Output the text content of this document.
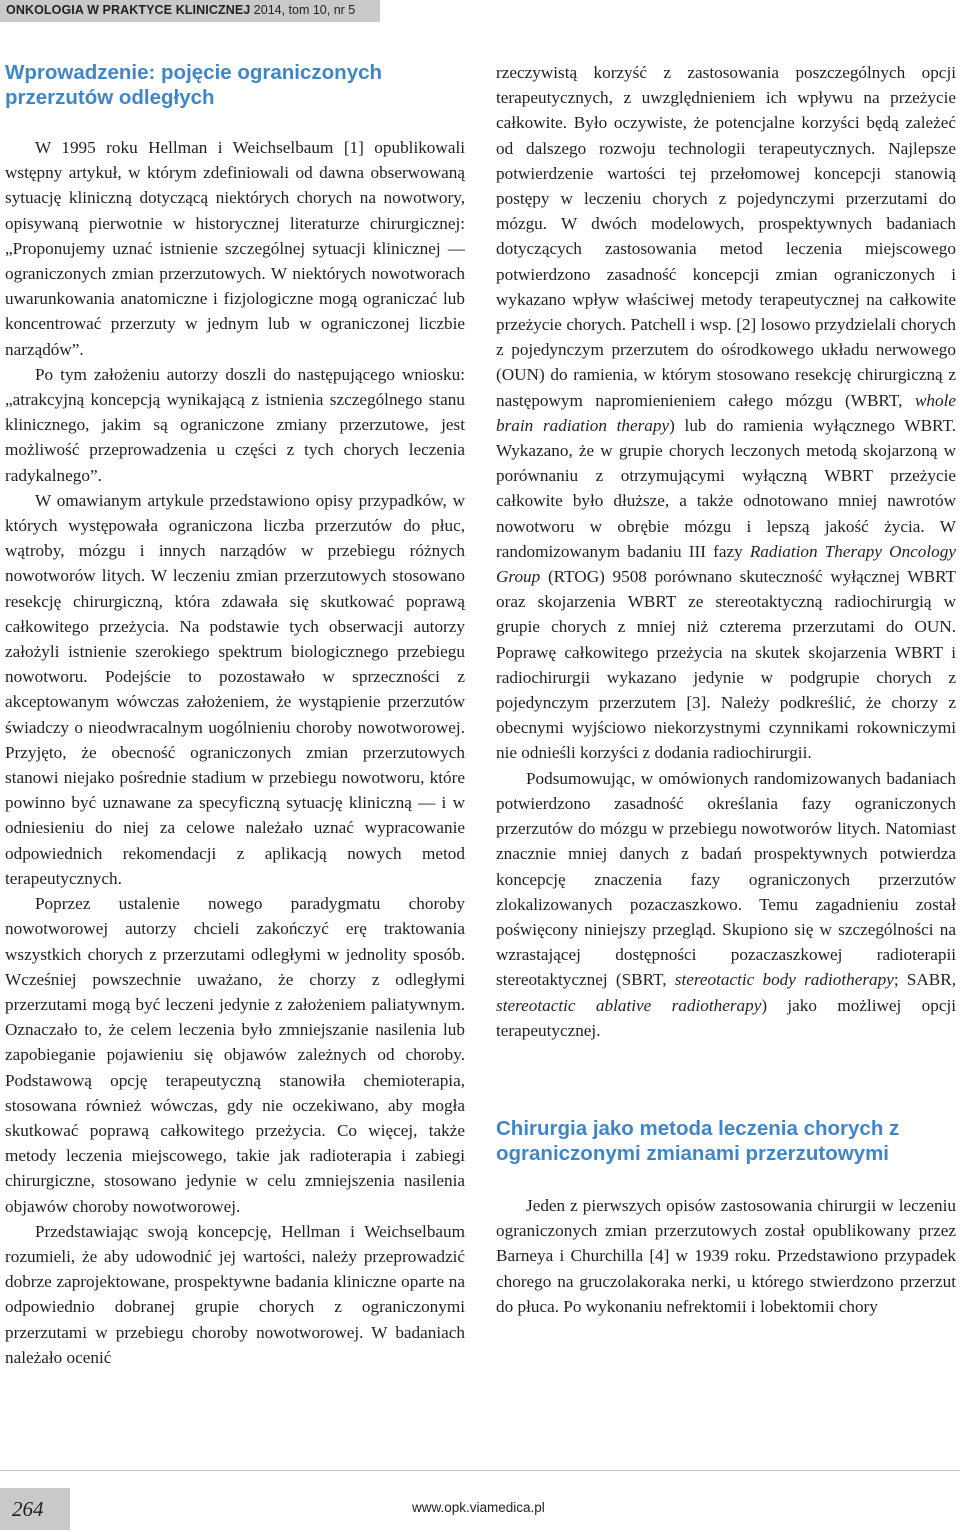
ONKOLOGIA W PRAKTYCE KLINICZNEJ 2014, tom 10, nr 5
Wprowadzenie: pojęcie ograniczonych przerzutów odległych

W 1995 roku Hellman i Weichselbaum [1] opublikowali wstępny artykuł, w którym zdefiniowali od dawna obserwowaną sytuację kliniczną dotyczącą niektórych chorych na nowotwory, opisywaną pierwotnie w historycznej literaturze chirurgicznej: „Proponujemy uznać istnienie szczególnej sytuacji klinicznej — ograniczonych zmian przerzutowych. W niektórych nowotworach uwarunkowania anatomiczne i fizjologiczne mogą ograniczać lub koncentrować przerzuty w jednym lub w ograniczonej liczbie narządów”.

Po tym założeniu autorzy doszli do następującego wniosku: „atrakcyjną koncepcją wynikającą z istnienia szczególnego stanu klinicznego, jakim są ograniczone zmiany przerzutowe, jest możliwość przeprowadzenia u części z tych chorych leczenia radykalnego”.

W omawianym artykule przedstawiono opisy przypadków, w których występowała ograniczona liczba przerzutów do płuc, wątroby, mózgu i innych narządów w przebiegu różnych nowotworów litych. W leczeniu zmian przerzutowych stosowano resekcję chirurgiczną, która zdawała się skutkować poprawą całkowitego przeżycia. Na podstawie tych obserwacji autorzy założyli istnienie szerokiego spektrum biologicznego przebiegu nowotworu. Podejście to pozostawało w sprzeczności z akceptowanym wówczas założeniem, że wystąpienie przerzutów świadczy o nieodwracalnym uogólnieniu choroby nowotworowej. Przyjęto, że obecność ograniczonych zmian przerzutowych stanowi niejako pośrednie stadium w przebiegu nowotworu, które powinno być uznawane za specyficzną sytuację kliniczną — i w odniesieniu do niej za celowe należało uznać wypracowanie odpowiednich rekomendacji z aplikacją nowych metod terapeutycznych.

Poprzez ustalenie nowego paradygmatu choroby nowotworowej autorzy chcieli zakończyć erę traktowania wszystkich chorych z przerzutami odległymi w jednolity sposób. Wcześniej powszechnie uważano, że chorzy z odległymi przerzutami mogą być leczeni jedynie z założeniem paliatywnym. Oznaczało to, że celem leczenia było zmniejszanie nasilenia lub zapobieganie pojawieniu się objawów zależnych od choroby. Podstawową opcję terapeutyczną stanowiła chemioterapia, stosowana również wówczas, gdy nie oczekiwano, aby mogła skutkować poprawą całkowitego przeżycia. Co więcej, także metody leczenia miejscowego, takie jak radioterapia i zabiegi chirurgiczne, stosowano jedynie w celu zmniejszenia nasilenia objawów choroby nowotworowej.

Przedstawiając swoją koncepcję, Hellman i Weichselbaum rozumieli, że aby udowodnić jej wartości, należy przeprowadzić dobrze zaprojektowane, prospektywne badania kliniczne oparte na odpowiednio dobranej grupie chorych z ograniczonymi przerzutami w przebiegu choroby nowotworowej. W badaniach należało ocenić

rzeczywistą korzyść z zastosowania poszczególnych opcji terapeutycznych, z uwzględnieniem ich wpływu na przeżycie całkowite. Było oczywiste, że potencjalne korzyści będą zależeć od dalszego rozwoju technologii terapeutycznych. Najlepsze potwierdzenie wartości tej przełomowej koncepcji stanowią postępy w leczeniu chorych z pojedynczymi przerzutami do mózgu. W dwóch modelowych, prospektywnych badaniach dotyczących zastosowania metod leczenia miejscowego potwierdzono zasadność koncepcji zmian ograniczonych i wykazano wpływ właściwej metody terapeutycznej na całkowite przeżycie chorych. Patchell i wsp. [2] losowo przydzielali chorych z pojedynczym przerzutem do ośrodkowego układu nerwowego (OUN) do ramienia, w którym stosowano resekcję chirurgiczną z następowym napromienieniem całego mózgu (WBRT, whole brain radiation therapy) lub do ramienia wyłącznego WBRT. Wykazano, że w grupie chorych leczonych metodą skojarzoną w porównaniu z otrzymującymi wyłączną WBRT przeżycie całkowite było dłuższe, a także odnotowano mniej nawrotów nowotworu w obrębie mózgu i lepszą jakość życia. W randomizowanym badaniu III fazy Radiation Therapy Oncology Group (RTOG) 9508 porównano skuteczność wyłącznej WBRT oraz skojarzenia WBRT ze stereotaktyczną radiochirurgią w grupie chorych z mniej niż czterema przerzutami do OUN. Poprawę całkowitego przeżycia na skutek skojarzenia WBRT i radiochirurgii wykazano jedynie w podgrupie chorych z pojedynczym przerzutem [3]. Należy podkreślić, że chorzy z obecnymi wyjściowo niekorzystnymi czynnikami rokowniczymi nie odnieśli korzyści z dodania radiochirurgii.

Podsumowując, w omówionych randomizowanych badaniach potwierdzono zasadność określania fazy ograniczonych przerzutów do mózgu w przebiegu nowotworów litych. Natomiast znacznie mniej danych z badań prospektywnych potwierdza koncepcję znaczenia fazy ograniczonych przerzutów zlokalizowanych pozaczaszkowo. Temu zagadnieniu został poświęcony niniejszy przegląd. Skupiono się w szczególności na wzrastającej dostępności pozaczaszkowej radioterapii stereotaktycznej (SBRT, stereotactic body radiotherapy; SABR, stereotactic ablative radiotherapy) jako możliwej opcji terapeutycznej.

Chirurgia jako metoda leczenia chorych z ograniczonymi zmianami przerzutowymi

Jeden z pierwszych opisów zastosowania chirurgii w leczeniu ograniczonych zmian przerzutowych został opublikowany przez Barneya i Churchilla [4] w 1939 roku. Przedstawiono przypadek chorego na gruczolakoraka nerki, u którego stwierdzono przerzut do płuca. Po wykonaniu nefrektomii i lobektomii chory

264	www.opk.viamedica.pl
